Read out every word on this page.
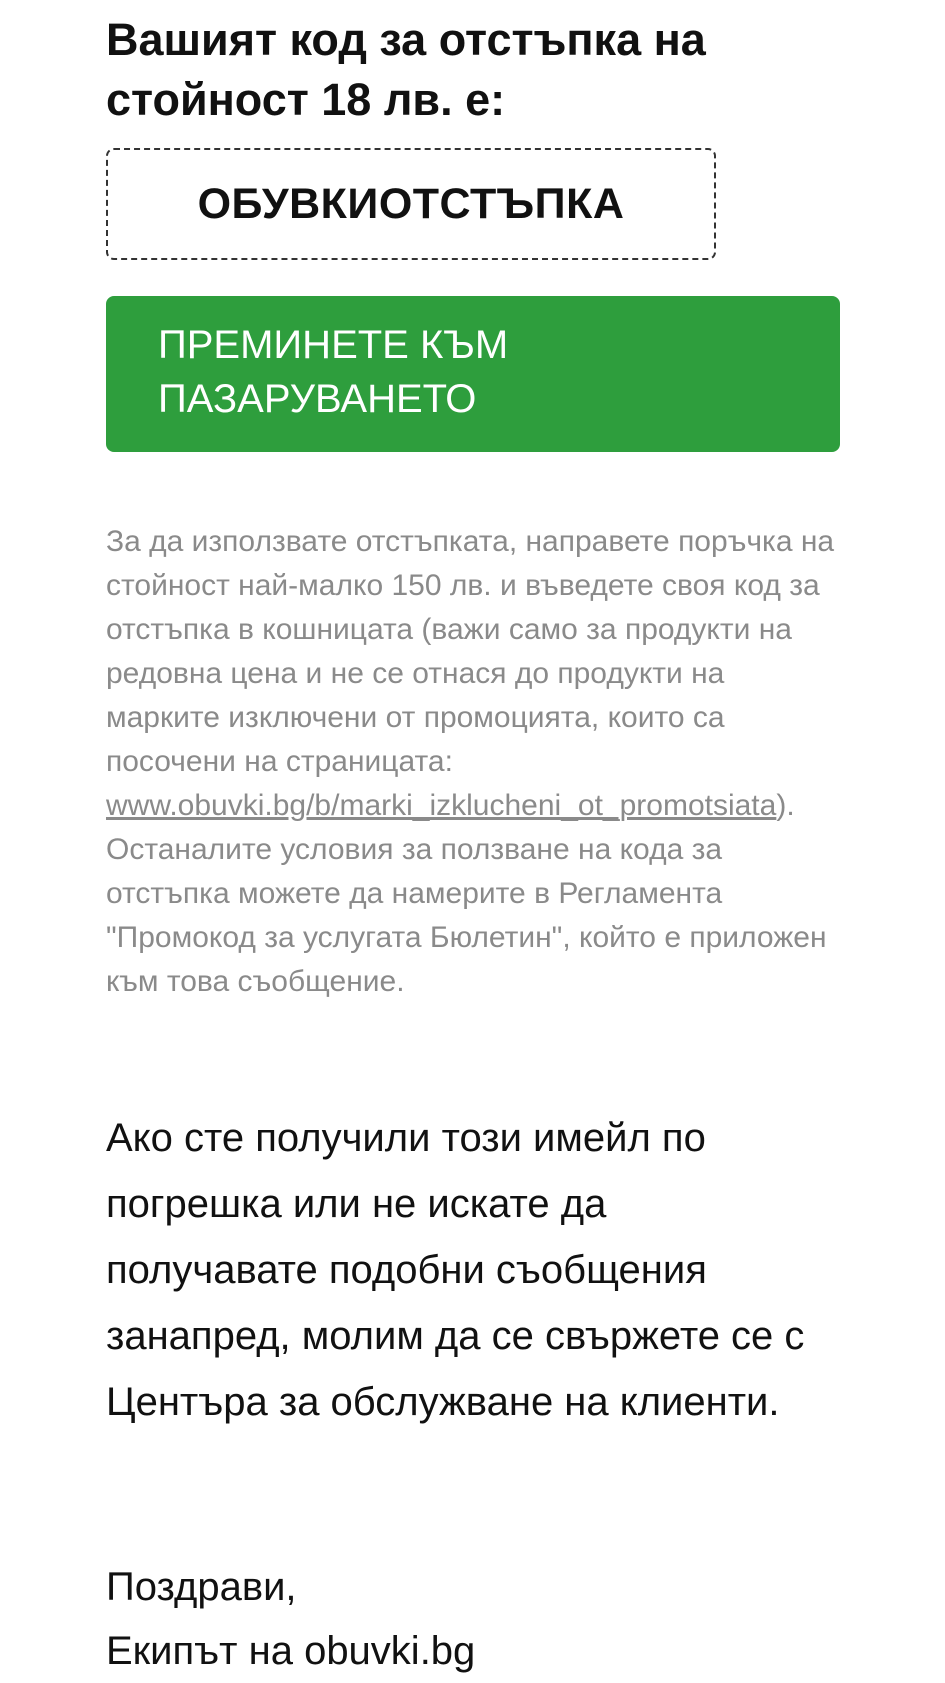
Вашият код за отстъпка на стойност 18 лв. е:
ОБУВКИОТСТЪПКА
ПРЕМИНЕТЕ КЪМ ПАЗАРУВАНЕТО

За да използвате отстъпката, направете поръчка на стойност най-малко 150 лв. и въведете своя код за отстъпка в кошницата (важи само за продукти на редовна цена и не се отнася до продукти на марките изключени от промоцията, които са посочени на страницата: www.obuvki.bg/b/marki_izklucheni_ot_promotsiata). Останалите условия за ползване на кода за отстъпка можете да намерите в Регламента "Промокод за услугата Бюлетин", който е приложен към това съобщение.

Ако сте получили този имейл по погрешка или не искате да получавате подобни съобщения занапред, молим да се свържете се с Центъра за обслужване на клиенти.

Поздрави,
Екипът на obuvki.bg
